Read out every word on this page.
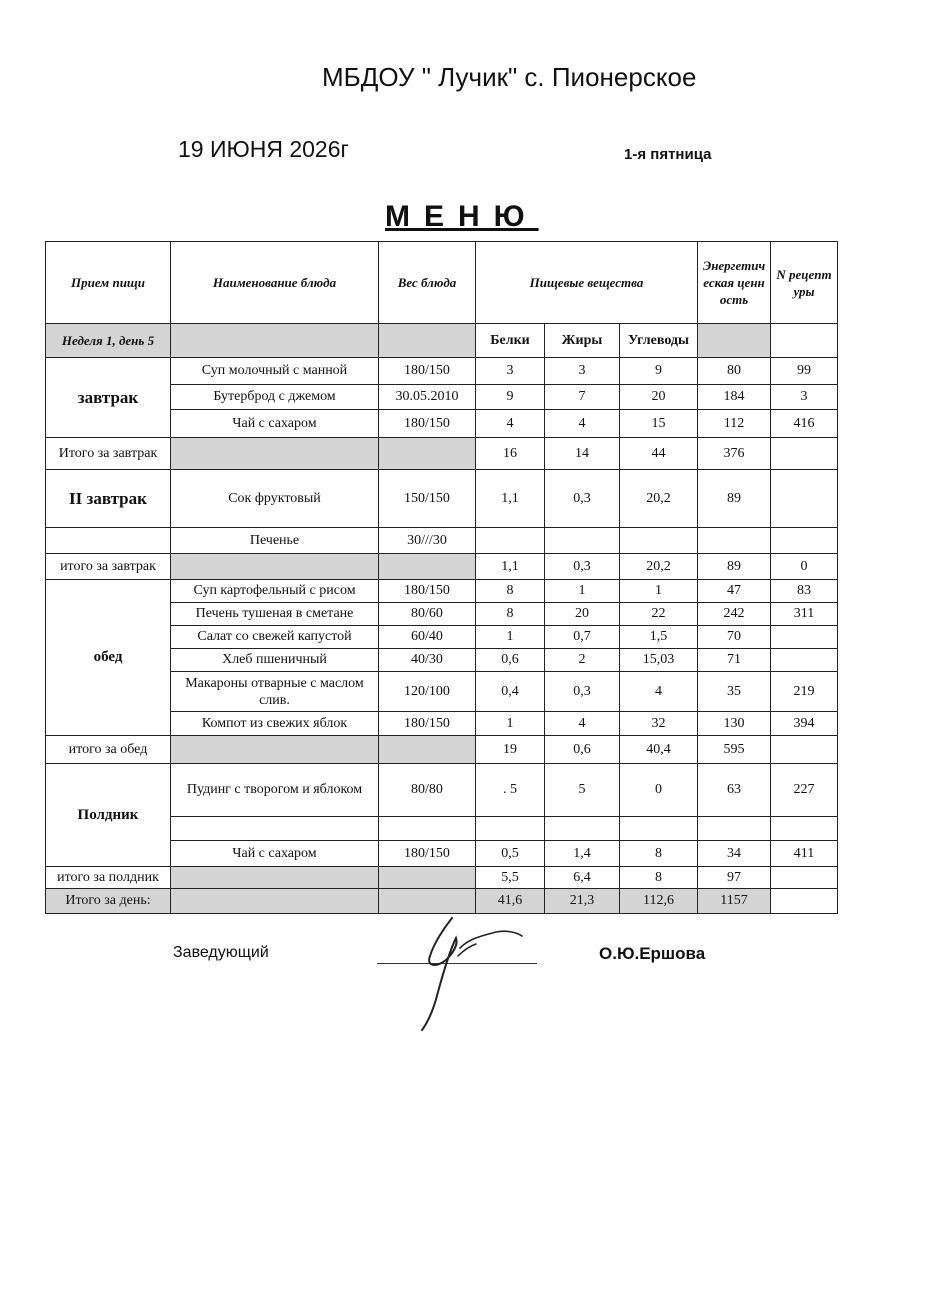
МБДОУ " Лучик" с. Пионерское
19 ИЮНЯ 2026г	1-я пятница
МЕНЮ
Прием пищи	Наименование блюда	Вес блюда	Пищевые вещества			Энергетическая ценность	N рецептуры
Неделя 1, день 5			Белки	Жиры	Углеводы		
завтрак	Суп молочный с манной	180/150	3	3	9	80	99
	Бутерброд с джемом	30.05.2010	9	7	20	184	3
	Чай с сахаром	180/150	4	4	15	112	416
Итого за завтрак			16	14	44	376	
II завтрак	Сок фруктовый	150/150	1,1	0,3	20,2	89	
	Печенье	30///30					
итого за завтрак			1,1	0,3	20,2	89	0
обед	Суп картофельный с рисом	180/150	8	1	1	47	83
	Печень тушеная в сметане	80/60	8	20	22	242	311
	Салат со свежей капустой	60/40	1	0,7	1,5	70	
	Хлеб пшеничный	40/30	0,6	2	15,03	71	
	Макароны отварные с маслом слив.	120/100	0,4	0,3	4	35	219
	Компот из свежих яблок	180/150	1	4	32	130	394
итого за обед			19	0,6	40,4	595	
Полдник	Пудинг с творогом и яблоком	80/80	. 5	5	0	63	227

	Чай с сахаром	180/150	0,5	1,4	8	34	411
итого за полдник			5,5	6,4	8	97	
Итого за день:			41,6	21,3	112,6	1157	
Заведующий	О.Ю.Ершова
